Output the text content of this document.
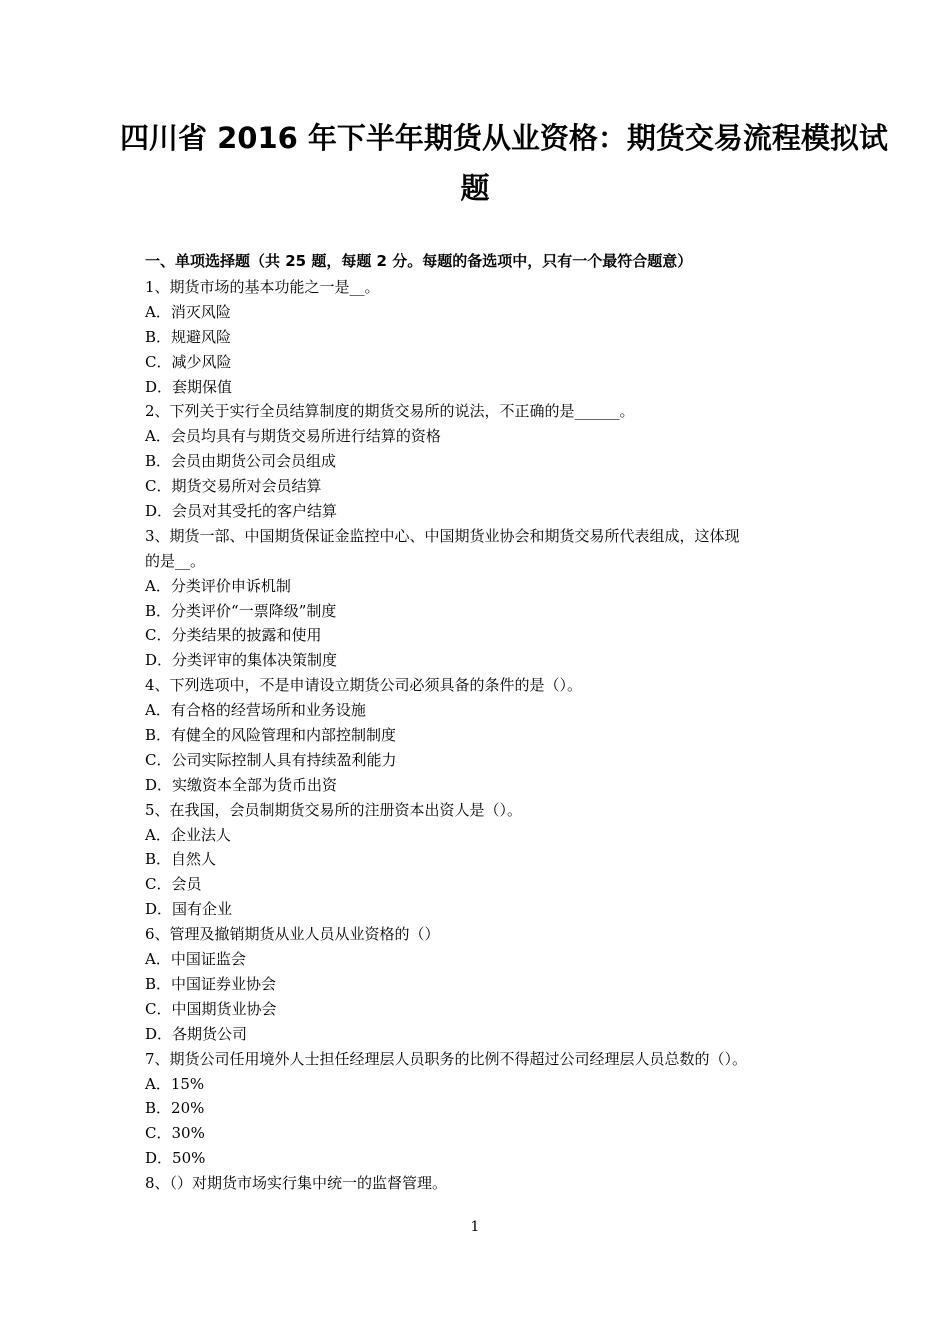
四川省 2016 年下半年期货从业资格：期货交易流程模拟试
题
一、单项选择题（共 25 题，每题 2 分。每题的备选项中，只有一个最符合题意）
1、期货市场的基本功能之一是__。
A．消灭风险
B．规避风险
C．减少风险
D．套期保值
2、下列关于实行全员结算制度的期货交易所的说法，不正确的是______。
A．会员均具有与期货交易所进行结算的资格
B．会员由期货公司会员组成
C．期货交易所对会员结算
D．会员对其受托的客户结算
3、期货一部、中国期货保证金监控中心、中国期货业协会和期货交易所代表组成，这体现
的是__。
A．分类评价申诉机制
B．分类评价“一票降级”制度
C．分类结果的披露和使用
D．分类评审的集体决策制度
4、下列选项中，不是申请设立期货公司必须具备的条件的是（）。
A．有合格的经营场所和业务设施
B．有健全的风险管理和内部控制制度
C．公司实际控制人具有持续盈利能力
D．实缴资本全部为货币出资
5、在我国，会员制期货交易所的注册资本出资人是（）。
A．企业法人
B．自然人
C．会员
D．国有企业
6、管理及撤销期货从业人员从业资格的（）
A．中国证监会
B．中国证券业协会
C．中国期货业协会
D．各期货公司
7、期货公司任用境外人士担任经理层人员职务的比例不得超过公司经理层人员总数的（）。
A．15%
B．20%
C．30%
D．50%
8、（）对期货市场实行集中统一的监督管理。
1
